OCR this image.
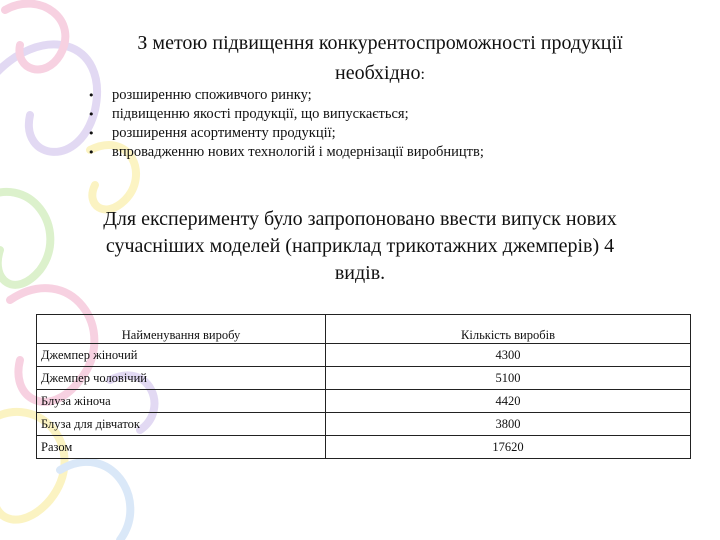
З метою підвищення конкурентоспроможності продукції
необхідно:
• розширенню споживчого ринку;
• підвищенню якості продукції, що випускається;
• розширення асортименту продукції;
• впровадженню нових технологій і модернізації виробництв;
Для експерименту було запропоновано ввести випуск нових
сучасніших моделей (наприклад трикотажних джемперів) 4
видів.
Найменування виробу	Кількість виробів
Джемпер жіночий	4300
Джемпер чоловічий	5100
Блуза жіноча	4420
Блуза для дівчаток	3800
Разом	17620
